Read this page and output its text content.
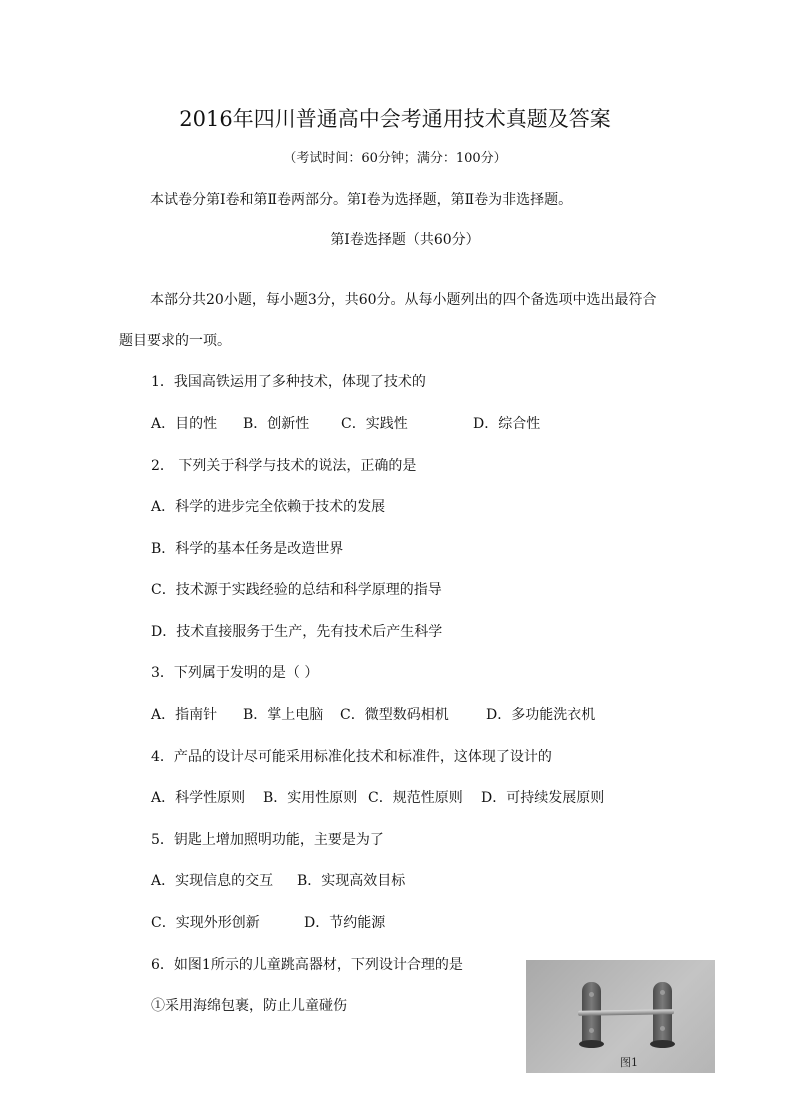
2016年四川普通高中会考通用技术真题及答案
（考试时间：60分钟；满分：100分）
本试卷分第Ⅰ卷和第Ⅱ卷两部分。第Ⅰ卷为选择题，第Ⅱ卷为非选择题。
第Ⅰ卷选择题（共60分）
本部分共20小题，每小题3分，共60分。从每小题列出的四个备选项中选出最符合
题目要求的一项。
1．我国高铁运用了多种技术，体现了技术的
A．目的性 B．创新性 C．实践性	D．综合性
2． 下列关于科学与技术的说法，正确的是
A．科学的进步完全依赖于技术的发展
B．科学的基本任务是改造世界
C．技术源于实践经验的总结和科学原理的指导
D．技术直接服务于生产，先有技术后产生科学
3．下列属于发明的是（ ）
A．指南针 B．掌上电脑 C．微型数码相机	D．多功能洗衣机
4．产品的设计尽可能采用标准化技术和标准件，这体现了设计的
A．科学性原则 B．实用性原则 C．规范性原则 D．可持续发展原则
5．钥匙上增加照明功能，主要是为了
A．实现信息的交互 B．实现高效目标
C．实现外形创新	D．节约能源
6．如图1所示的儿童跳高器材，下列设计合理的是
①采用海绵包裹，防止儿童碰伤
图1
